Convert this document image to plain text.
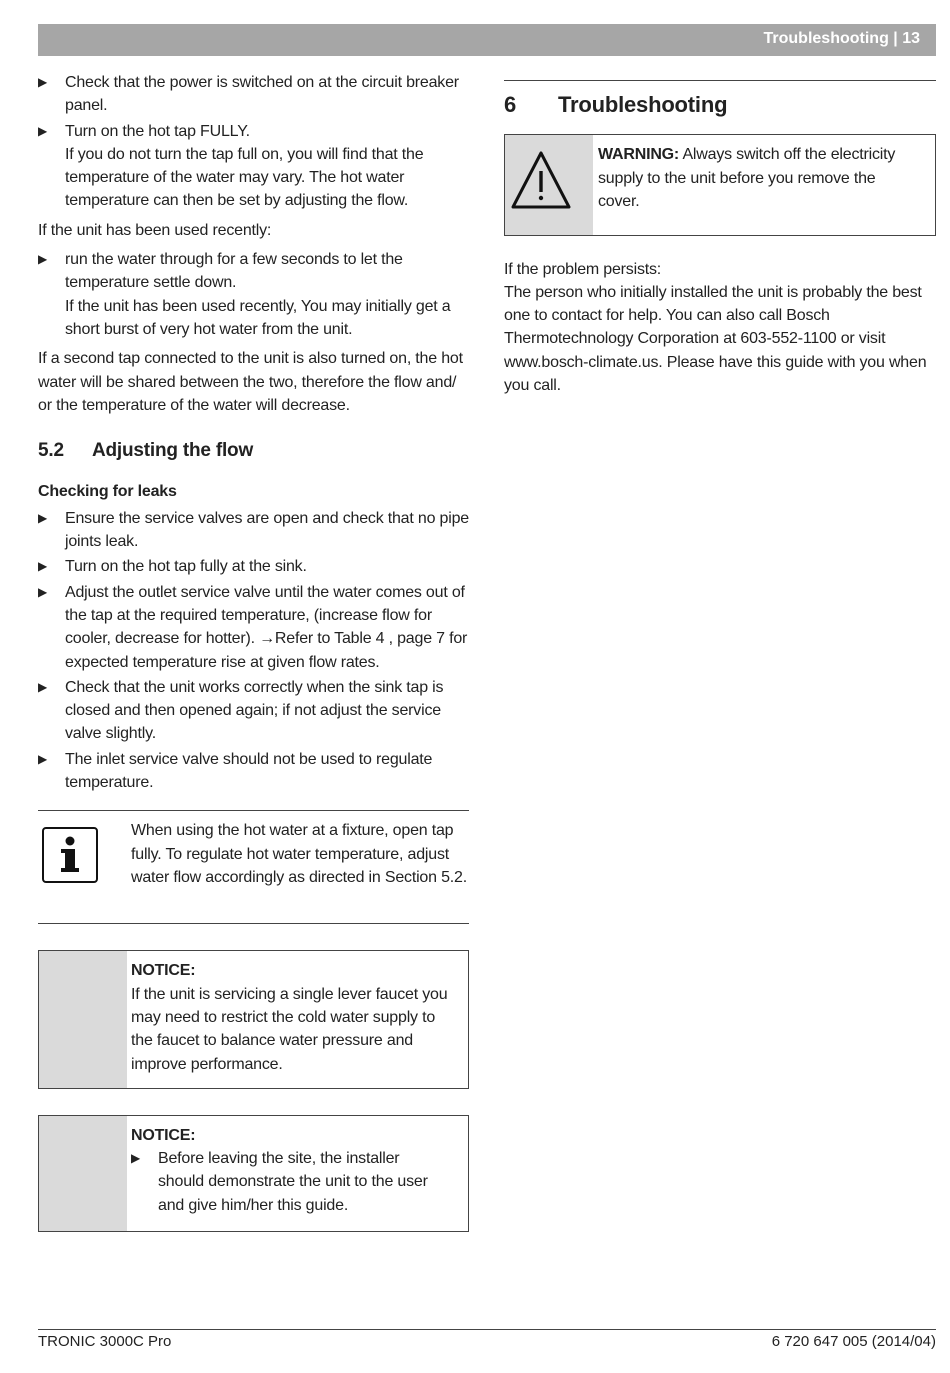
Troubleshooting | 13
▶ Check that the power is switched on at the circuit breaker panel.
▶ Turn on the hot tap FULLY.
If you do not turn the tap full on, you will find that the temperature of the water may vary. The hot water temperature can then be set by adjusting the flow.

If the unit has been used recently:

▶ run the water through for a few seconds to let the temperature settle down.
If the unit has been used recently, You may initially get a short burst of very hot water from the unit.

If a second tap connected to the unit is also turned on, the hot water will be shared between the two, therefore the flow and/ or the temperature of the water will decrease.

5.2 Adjusting the flow
Checking for leaks
▶ Ensure the service valves are open and check that no pipe joints leak.
▶ Turn on the hot tap fully at the sink.
▶ Adjust the outlet service valve until the water comes out of the tap at the required temperature, (increase flow for cooler, decrease for hotter). →Refer to Table 4 , page 7 for expected temperature rise at given flow rates.
▶ Check that the unit works correctly when the sink tap is closed and then opened again; if not adjust the service valve slightly.
▶ The inlet service valve should not be used to regulate temperature.
When using the hot water at a fixture, open tap fully. To regulate hot water temperature, adjust water flow accordingly as directed in Section 5.2.
NOTICE:
If the unit is servicing a single lever faucet you may need to restrict the cold water supply to the faucet to balance water pressure and improve performance.
NOTICE:
▶ Before leaving the site, the installer should demonstrate the unit to the user and give him/her this guide.
6 Troubleshooting
WARNING: Always switch off the electricity supply to the unit before you remove the cover.

If the problem persists:

The person who initially installed the unit is probably the best one to contact for help. You can also call Bosch Thermotechnology Corporation at 603-552-1100 or visit www.bosch-climate.us. Please have this guide with you when you call.

TRONIC 3000C Pro	6 720 647 005 (2014/04)
